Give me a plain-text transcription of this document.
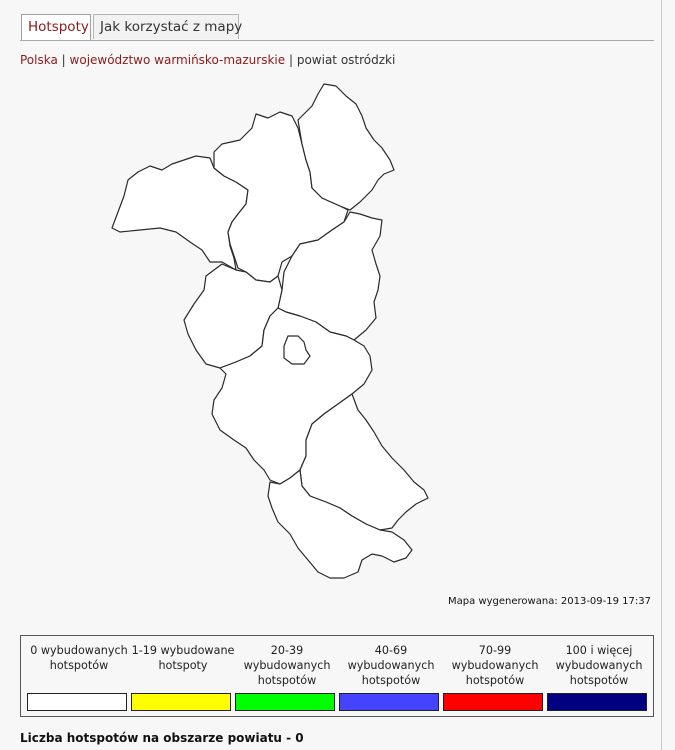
Hotspoty Jak korzystać z mapy
Polska | województwo warmińsko-mazurskie | powiat ostródzki
Mapa wygenerowana: 2013-09-19 17:37
0 wybudowanych hotspotów
1-19 wybudowane hotspoty
20-39 wybudowanych hotspotów
40-69 wybudowanych hotspotów
70-99 wybudowanych hotspotów
100 i więcej wybudowanych hotspotów
Liczba hotspotów na obszarze powiatu - 0
